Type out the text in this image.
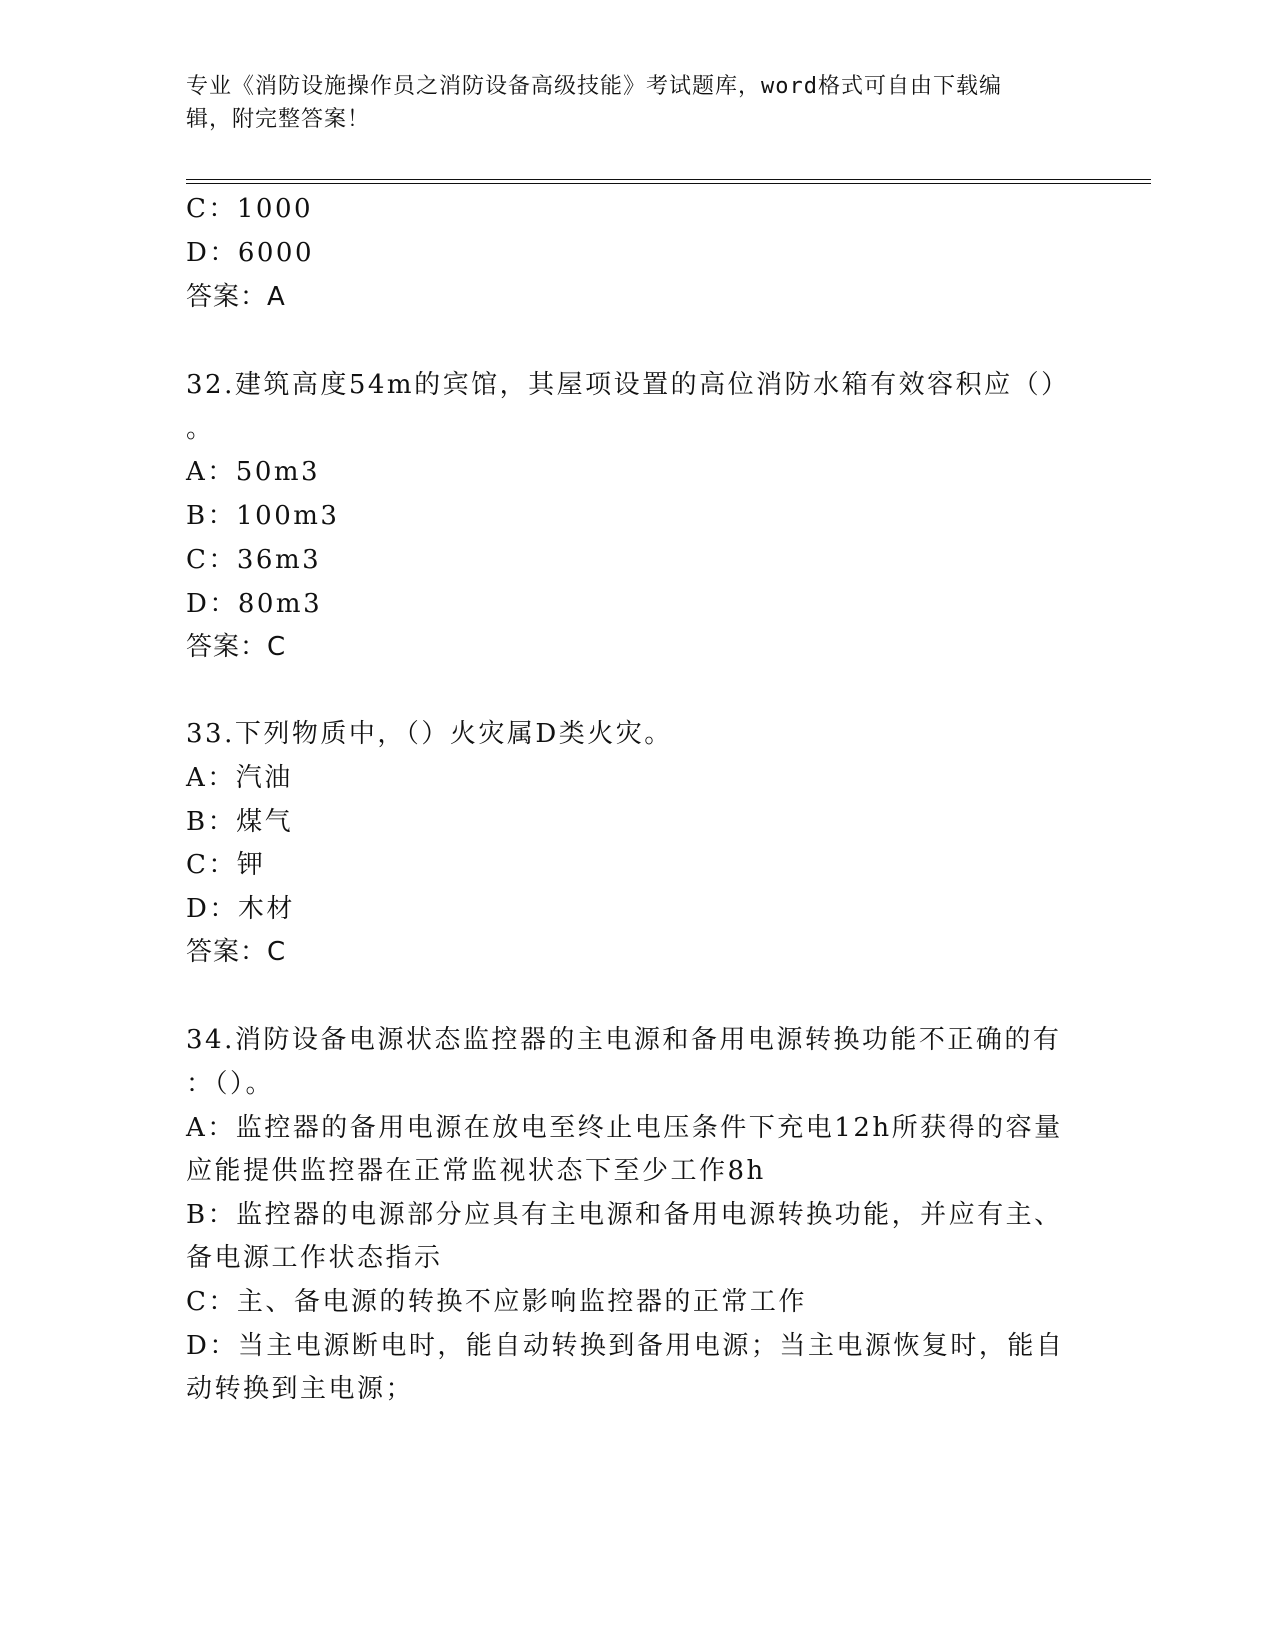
专业《消防设施操作员之消防设备高级技能》考试题库，word格式可自由下载编
辑，附完整答案！
C：1000
D：6000
答案：A
32.建筑高度54m的宾馆，其屋项设置的高位消防水箱有效容积应（）
。
A：50m3
B：100m3
C：36m3
D：80m3
答案：C
33.下列物质中，（）火灾属D类火灾。
A：汽油
B：煤气
C：钾
D：木材
答案：C
34.消防设备电源状态监控器的主电源和备用电源转换功能不正确的有
：（）。
A：监控器的备用电源在放电至终止电压条件下充电12h所获得的容量
应能提供监控器在正常监视状态下至少工作8h
B：监控器的电源部分应具有主电源和备用电源转换功能，并应有主、
备电源工作状态指示
C：主、备电源的转换不应影响监控器的正常工作
D：当主电源断电时，能自动转换到备用电源；当主电源恢复时，能自
动转换到主电源；
